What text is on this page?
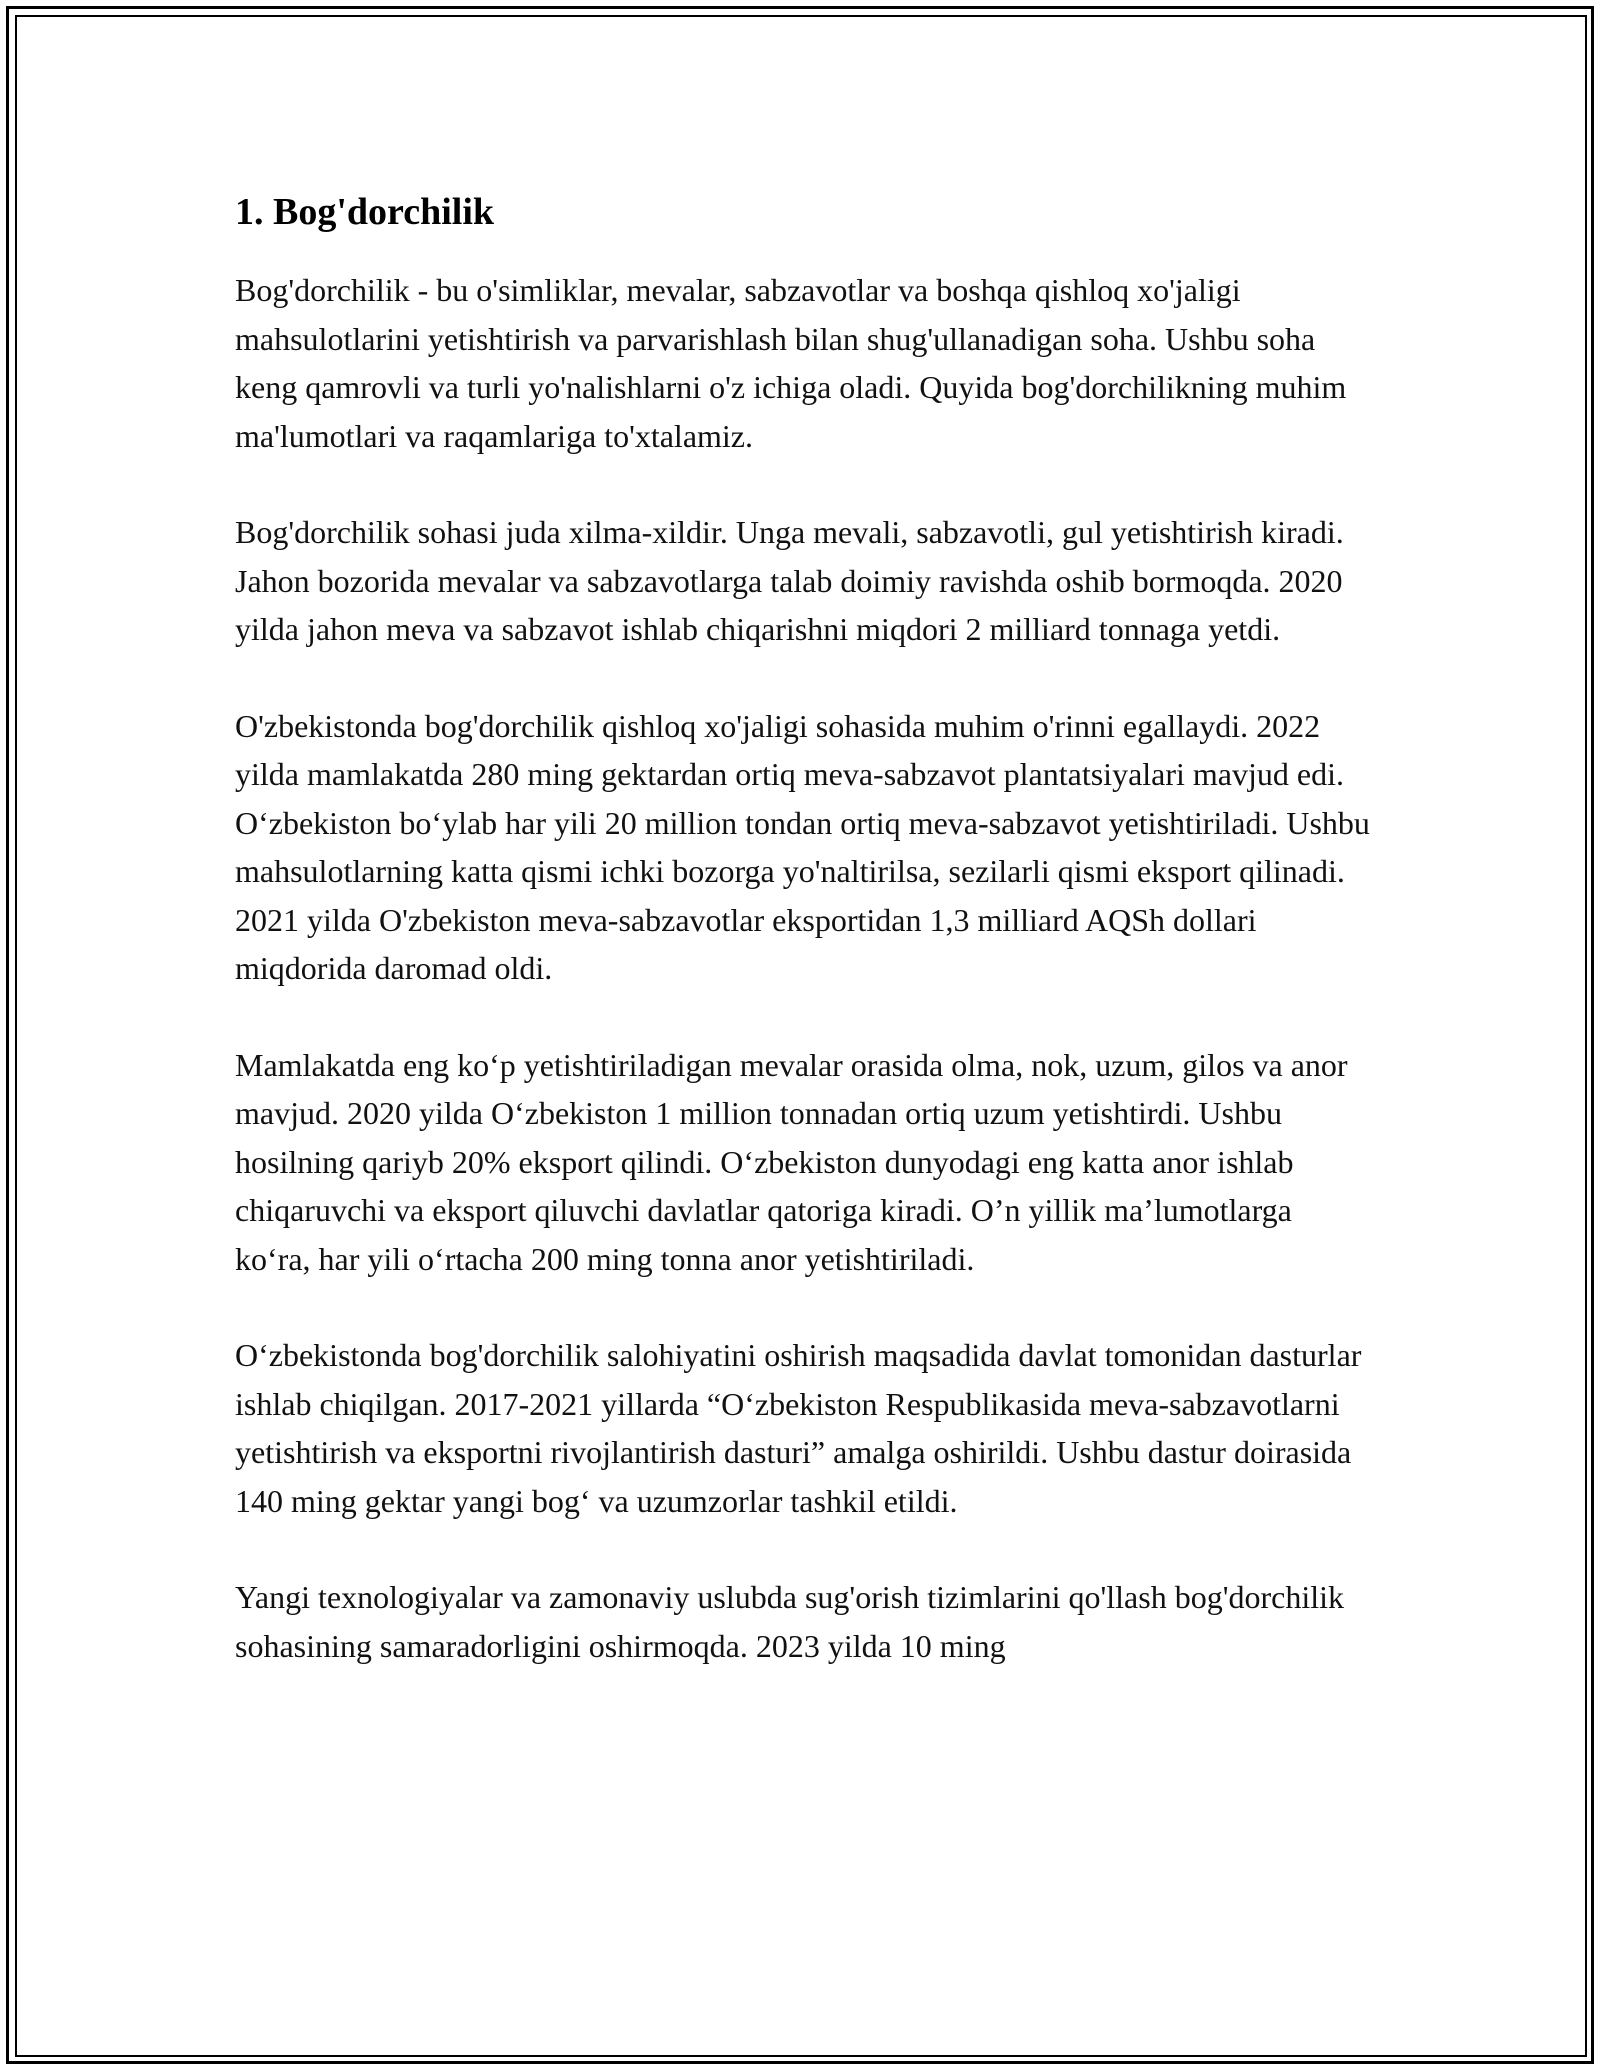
1. Bog'dorchilik

Bog'dorchilik - bu o'simliklar, mevalar, sabzavotlar va boshqa qishloq xo'jaligi mahsulotlarini yetishtirish va parvarishlash bilan shug'ullanadigan soha. Ushbu soha keng qamrovli va turli yo'nalishlarni o'z ichiga oladi. Quyida bog'dorchilikning muhim ma'lumotlari va raqamlariga to'xtalamiz.

Bog'dorchilik sohasi juda xilma-xildir. Unga mevali, sabzavotli, gul yetishtirish kiradi. Jahon bozorida mevalar va sabzavotlarga talab doimiy ravishda oshib bormoqda. 2020 yilda jahon meva va sabzavot ishlab chiqarishni miqdori 2 milliard tonnaga yetdi.

O'zbekistonda bog'dorchilik qishloq xo'jaligi sohasida muhim o'rinni egallaydi. 2022 yilda mamlakatda 280 ming gektardan ortiq meva-sabzavot plantatsiyalari mavjud edi. O‘zbekiston bo‘ylab har yili 20 million tondan ortiq meva-sabzavot yetishtiriladi. Ushbu mahsulotlarning katta qismi ichki bozorga yo'naltirilsa, sezilarli qismi eksport qilinadi. 2021 yilda O'zbekiston meva-sabzavotlar eksportidan 1,3 milliard AQSh dollari miqdorida daromad oldi.

Mamlakatda eng ko‘p yetishtiriladigan mevalar orasida olma, nok, uzum, gilos va anor mavjud. 2020 yilda O‘zbekiston 1 million tonnadan ortiq uzum yetishtirdi. Ushbu hosilning qariyb 20% eksport qilindi. O‘zbekiston dunyodagi eng katta anor ishlab chiqaruvchi va eksport qiluvchi davlatlar qatoriga kiradi. O’n yillik ma’lumotlarga ko‘ra, har yili o‘rtacha 200 ming tonna anor yetishtiriladi.

O‘zbekistonda bog'dorchilik salohiyatini oshirish maqsadida davlat tomonidan dasturlar ishlab chiqilgan. 2017-2021 yillarda “O‘zbekiston Respublikasida meva-sabzavotlarni yetishtirish va eksportni rivojlantirish dasturi” amalga oshirildi. Ushbu dastur doirasida 140 ming gektar yangi bog‘ va uzumzorlar tashkil etildi.

Yangi texnologiyalar va zamonaviy uslubda sug'orish tizimlarini qo'llash bog'dorchilik sohasining samaradorligini oshirmoqda. 2023 yilda 10 ming
